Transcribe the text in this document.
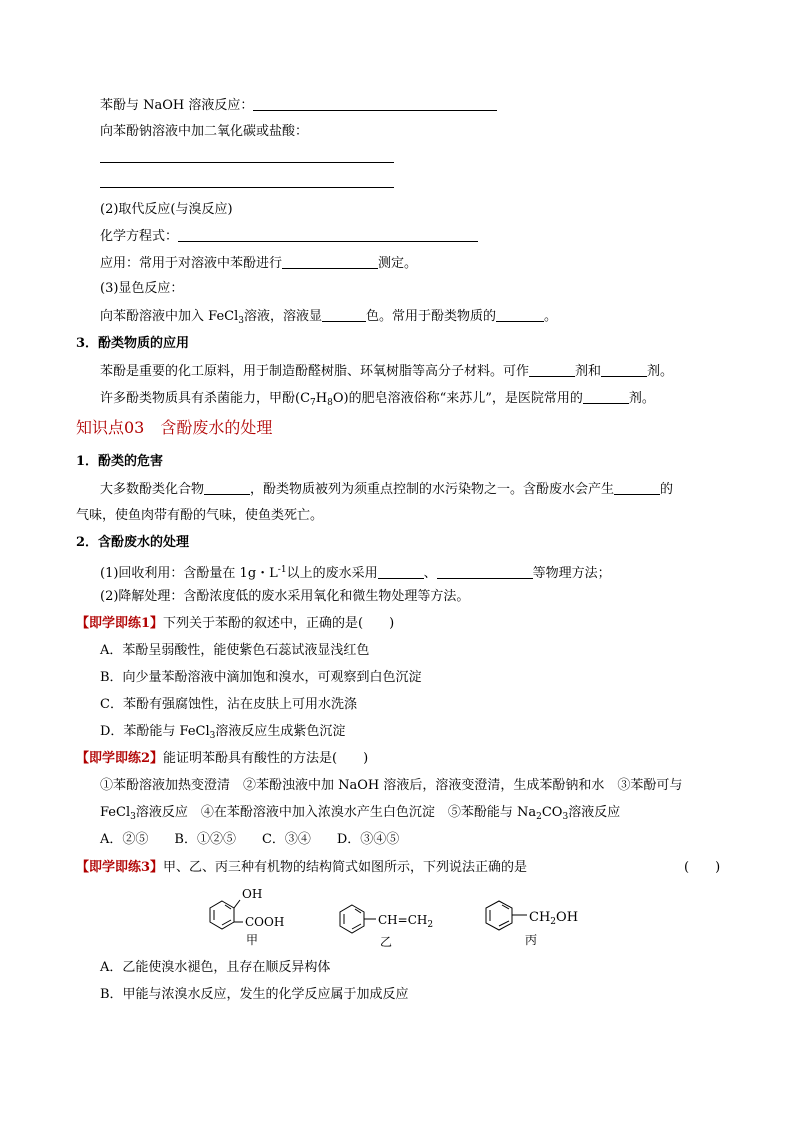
苯酚与 NaOH 溶液反应：
向苯酚钠溶液中加二氧化碳或盐酸：
(2)取代反应(与溴反应)
化学方程式：
应用：常用于对溶液中苯酚进行	测定。
(3)显色反应：
向苯酚溶液中加入 FeCl$_3$溶液，溶液显	色。常用于酚类物质的	。
3．酚类物质的应用
苯酚是重要的化工原料，用于制造酚醛树脂、环氧树脂等高分子材料。可作	剂和	剂。
许多酚类物质具有杀菌能力，甲酚$(C_7H_8O)$的肥皂溶液俗称“来苏儿”，是医院常用的	剂。
知识点03 含酚废水的处理
1．酚类的危害
大多数酚类化合物	，酚类物质被列为须重点控制的水污染物之一。含酚废水会产生	的
气味，使鱼肉带有酚的气味，使鱼类死亡。
2．含酚废水的处理
(1)回收利用：含酚量在 1g・$L^{-1}$以上的废水采用	、	等物理方法；
(2)降解处理：含酚浓度低的废水采用氧化和微生物处理等方法。
【即学即练1】下列关于苯酚的叙述中，正确的是(　　)
A．苯酚呈弱酸性，能使紫色石蕊试液显浅红色
B．向少量苯酚溶液中滴加饱和溴水，可观察到白色沉淀
C．苯酚有强腐蚀性，沾在皮肤上可用水洗涤
D．苯酚能与 FeCl$_3$溶液反应生成紫色沉淀
【即学即练2】能证明苯酚具有酸性的方法是(　　)
①苯酚溶液加热变澄清　②苯酚浊液中加 NaOH 溶液后，溶液变澄清，生成苯酚钠和水　③苯酚可与
FeCl$_3$溶液反应　④在苯酚溶液中加入浓溴水产生白色沉淀　⑤苯酚能与 $Na_2CO_3$溶液反应
A．②⑤　　B．①②⑤　　C．③④　　D．③④⑤
【即学即练3】甲、乙、丙三种有机物的结构简式如图所示，下列说法正确的是	(　　)
OH
COOH
甲
$CH=CH_2$
乙
$CH_2OH$
丙
A．乙能使溴水褪色，且存在顺反异构体
B．甲能与浓溴水反应，发生的化学反应属于加成反应
